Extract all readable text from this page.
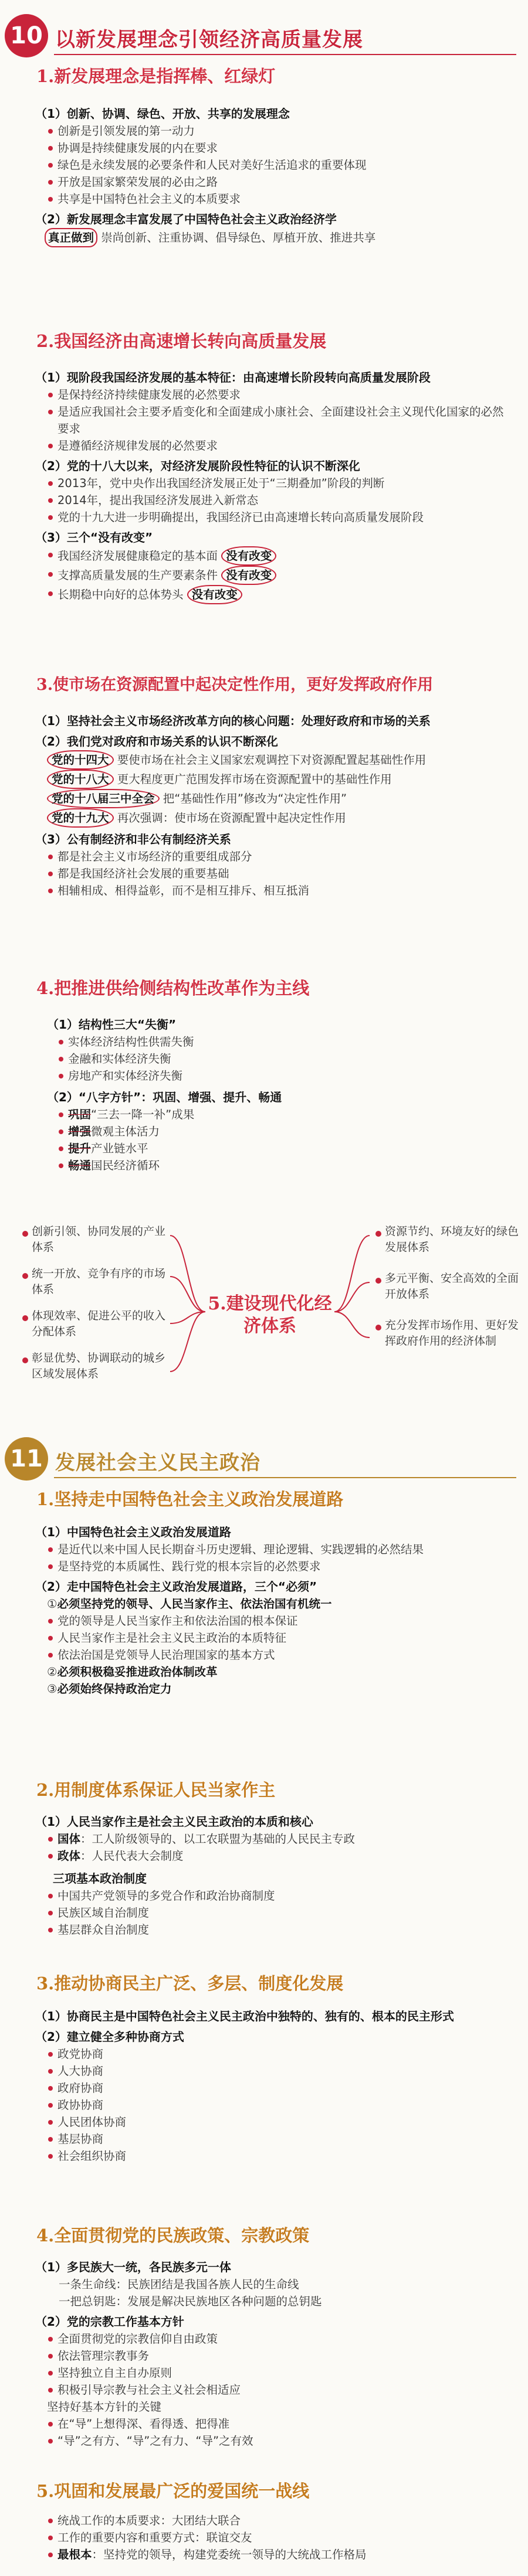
10 以新发展理念引领经济高质量发展
1.新发展理念是指挥棒、红绿灯
（1）创新、协调、绿色、开放、共享的发展理念
创新是引领发展的第一动力
协调是持续健康发展的内在要求
绿色是永续发展的必要条件和人民对美好生活追求的重要体现
开放是国家繁荣发展的必由之路
共享是中国特色社会主义的本质要求
（2）新发展理念丰富发展了中国特色社会主义政治经济学
真正做到 崇尚创新、注重协调、倡导绿色、厚植开放、推进共享
2.我国经济由高速增长转向高质量发展
（1）现阶段我国经济发展的基本特征：由高速增长阶段转向高质量发展阶段
是保持经济持续健康发展的必然要求
是适应我国社会主要矛盾变化和全面建成小康社会、全面建设社会主义现代化国家的必然要求
是遵循经济规律发展的必然要求
（2）党的十八大以来，对经济发展阶段性特征的认识不断深化
2013年，党中央作出我国经济发展正处于“三期叠加”阶段的判断
2014年，提出我国经济发展进入新常态
党的十九大进一步明确提出，我国经济已由高速增长转向高质量发展阶段
（3）三个“没有改变”
我国经济发展健康稳定的基本面 没有改变
支撑高质量发展的生产要素条件 没有改变
长期稳中向好的总体势头 没有改变
3.使市场在资源配置中起决定性作用，更好发挥政府作用
（1）坚持社会主义市场经济改革方向的核心问题：处理好政府和市场的关系
（2）我们党对政府和市场关系的认识不断深化
党的十四大 要使市场在社会主义国家宏观调控下对资源配置起基础性作用
党的十八大 更大程度更广范围发挥市场在资源配置中的基础性作用
党的十八届三中全会 把“基础性作用”修改为“决定性作用”
党的十九大 再次强调：使市场在资源配置中起决定性作用
（3）公有制经济和非公有制经济关系
都是社会主义市场经济的重要组成部分
都是我国经济社会发展的重要基础
相辅相成、相得益彰，而不是相互排斥、相互抵消
4.把推进供给侧结构性改革作为主线
（1）结构性三大“失衡”
实体经济结构性供需失衡
金融和实体经济失衡
房地产和实体经济失衡
（2）“八字方针”：巩固、增强、提升、畅通
巩固“三去一降一补”成果
增强微观主体活力
提升产业链水平
畅通国民经济循环
5.建设现代化经济体系
创新引领、协同发展的产业体系
统一开放、竞争有序的市场体系
体现效率、促进公平的收入分配体系
彰显优势、协调联动的城乡区域发展体系
资源节约、环境友好的绿色发展体系
多元平衡、安全高效的全面开放体系
充分发挥市场作用、更好发挥政府作用的经济体制
11 发展社会主义民主政治
1.坚持走中国特色社会主义政治发展道路
（1）中国特色社会主义政治发展道路
是近代以来中国人民长期奋斗历史逻辑、理论逻辑、实践逻辑的必然结果
是坚持党的本质属性、践行党的根本宗旨的必然要求
（2）走中国特色社会主义政治发展道路，三个“必须”
①必须坚持党的领导、人民当家作主、依法治国有机统一
党的领导是人民当家作主和依法治国的根本保证
人民当家作主是社会主义民主政治的本质特征
依法治国是党领导人民治理国家的基本方式
②必须积极稳妥推进政治体制改革
③必须始终保持政治定力
2.用制度体系保证人民当家作主
（1）人民当家作主是社会主义民主政治的本质和核心
国体：工人阶级领导的、以工农联盟为基础的人民民主专政
政体：人民代表大会制度
三项基本政治制度
中国共产党领导的多党合作和政治协商制度
民族区域自治制度
基层群众自治制度
3.推动协商民主广泛、多层、制度化发展
（1）协商民主是中国特色社会主义民主政治中独特的、独有的、根本的民主形式
（2）建立健全多种协商方式
政党协商
人大协商
政府协商
政协协商
人民团体协商
基层协商
社会组织协商
4.全面贯彻党的民族政策、宗教政策
（1）多民族大一统，各民族多元一体
一条生命线：民族团结是我国各族人民的生命线
一把总钥匙：发展是解决民族地区各种问题的总钥匙
（2）党的宗教工作基本方针
全面贯彻党的宗教信仰自由政策
依法管理宗教事务
坚持独立自主自办原则
积极引导宗教与社会主义社会相适应
坚持好基本方针的关键
在“导”上想得深、看得透、把得准
“导”之有方、“导”之有力、“导”之有效
5.巩固和发展最广泛的爱国统一战线
统战工作的本质要求：大团结大联合
工作的重要内容和重要方式：联谊交友
最根本：坚持党的领导，构建党委统一领导的大统战工作格局
